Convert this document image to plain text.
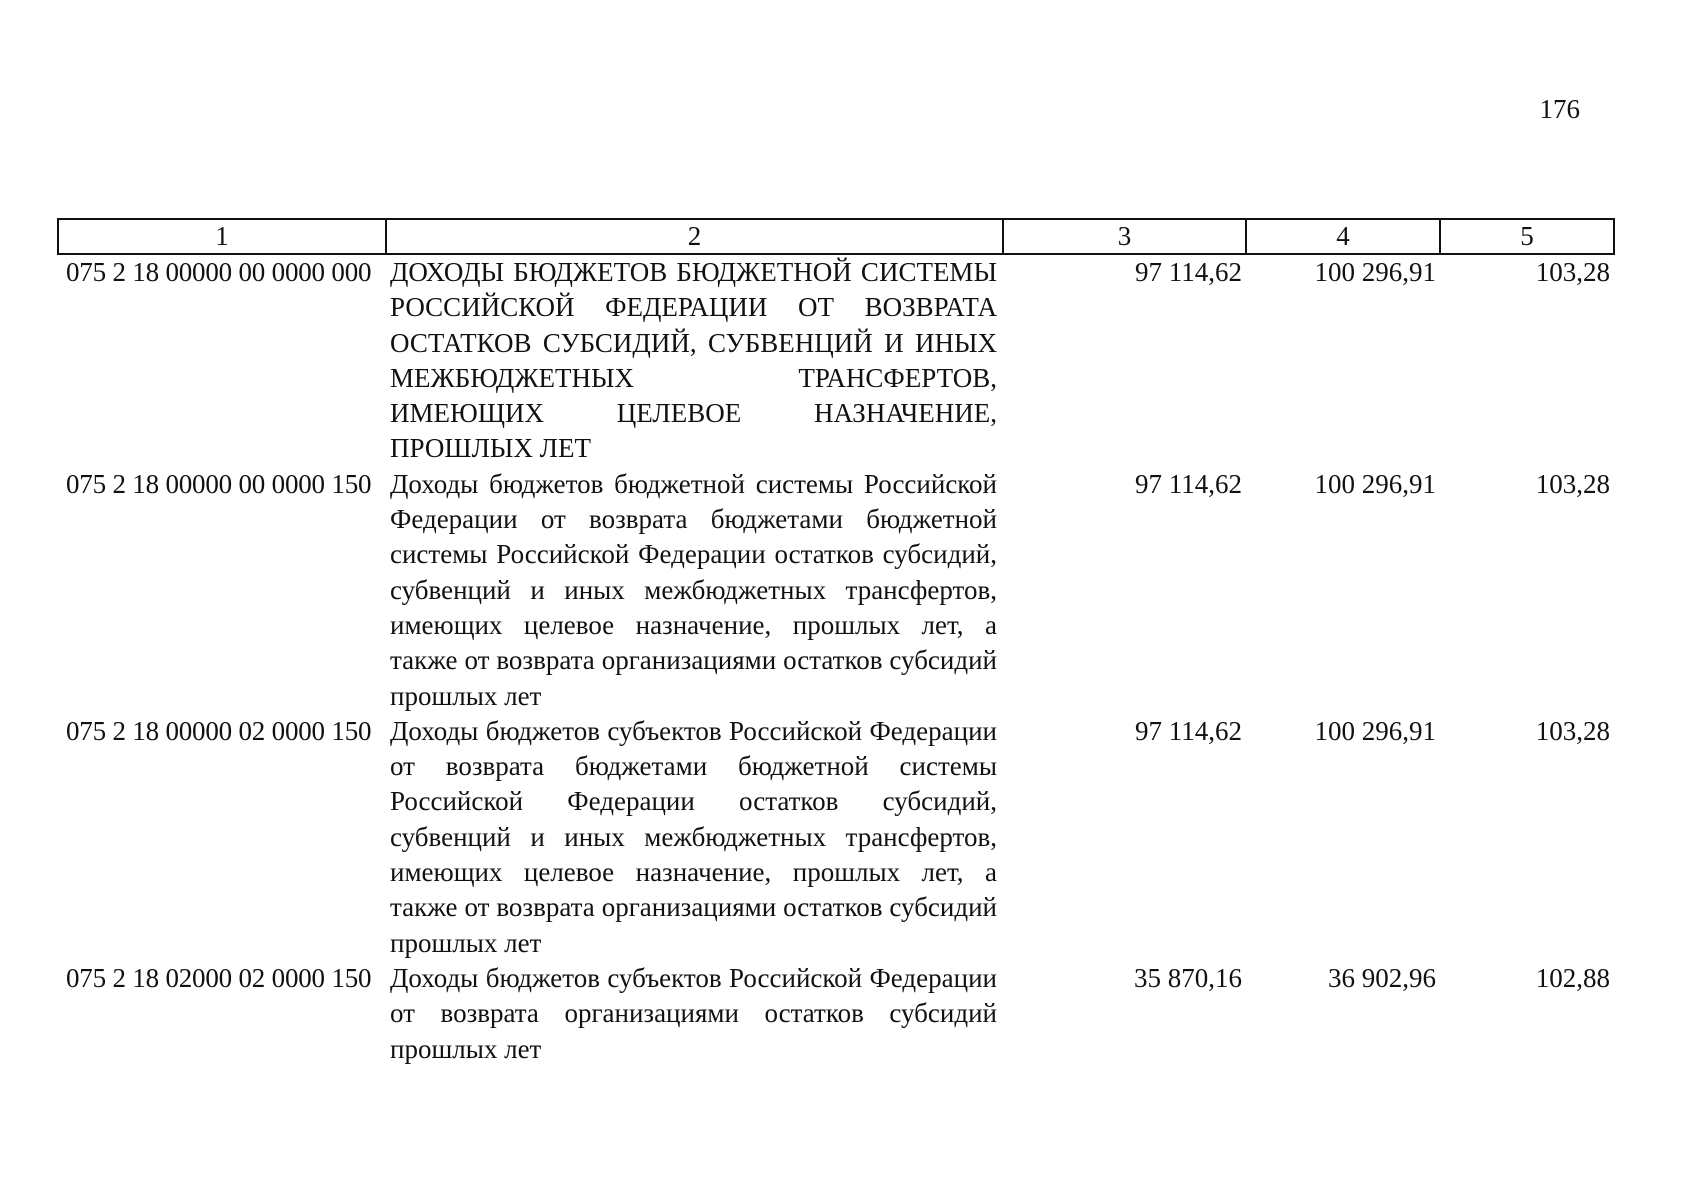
176
1	2	3	4	5
075 2 18 00000 00 0000 000	ДОХОДЫ БЮДЖЕТОВ БЮДЖЕТНОЙ СИСТЕМЫ РОССИЙСКОЙ ФЕДЕРАЦИИ ОТ ВОЗВРАТА ОСТАТКОВ СУБСИДИЙ, СУБВЕНЦИЙ И ИНЫХ МЕЖБЮДЖЕТНЫХ ТРАНСФЕРТОВ, ИМЕЮЩИХ ЦЕЛЕВОЕ НАЗНАЧЕНИЕ, ПРОШЛЫХ ЛЕТ	97 114,62	100 296,91	103,28
075 2 18 00000 00 0000 150	Доходы бюджетов бюджетной системы Российской Федерации от возврата бюджетами бюджетной системы Российской Федерации остатков субсидий, субвенций и иных межбюджетных трансфертов, имеющих целевое назначение, прошлых лет, а также от возврата организациями остатков субсидий прошлых лет	97 114,62	100 296,91	103,28
075 2 18 00000 02 0000 150	Доходы бюджетов субъектов Российской Федерации от возврата бюджетами бюджетной системы Российской Федерации остатков субсидий, субвенций и иных межбюджетных трансфертов, имеющих целевое назначение, прошлых лет, а также от возврата организациями остатков субсидий прошлых лет	97 114,62	100 296,91	103,28
075 2 18 02000 02 0000 150	Доходы бюджетов субъектов Российской Федерации от возврата организациями остатков субсидий прошлых лет	35 870,16	36 902,96	102,88
